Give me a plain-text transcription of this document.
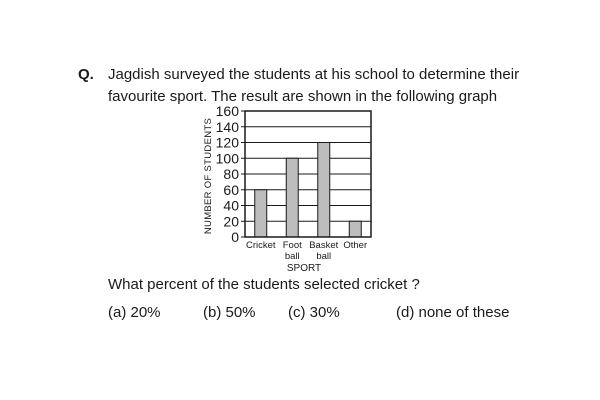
Q. Jagdish surveyed the students at his school to determine their
favourite sport. The result are shown in the following graph
0
20
40
60
80
100
120
140
160
Cricket Foot ball
Basket ball
Other
NUMBER OF STUDENTS
SPORT
What percent of the students selected cricket ?
(a) 20%	(b) 50% (c) 30%	(d) none of these
